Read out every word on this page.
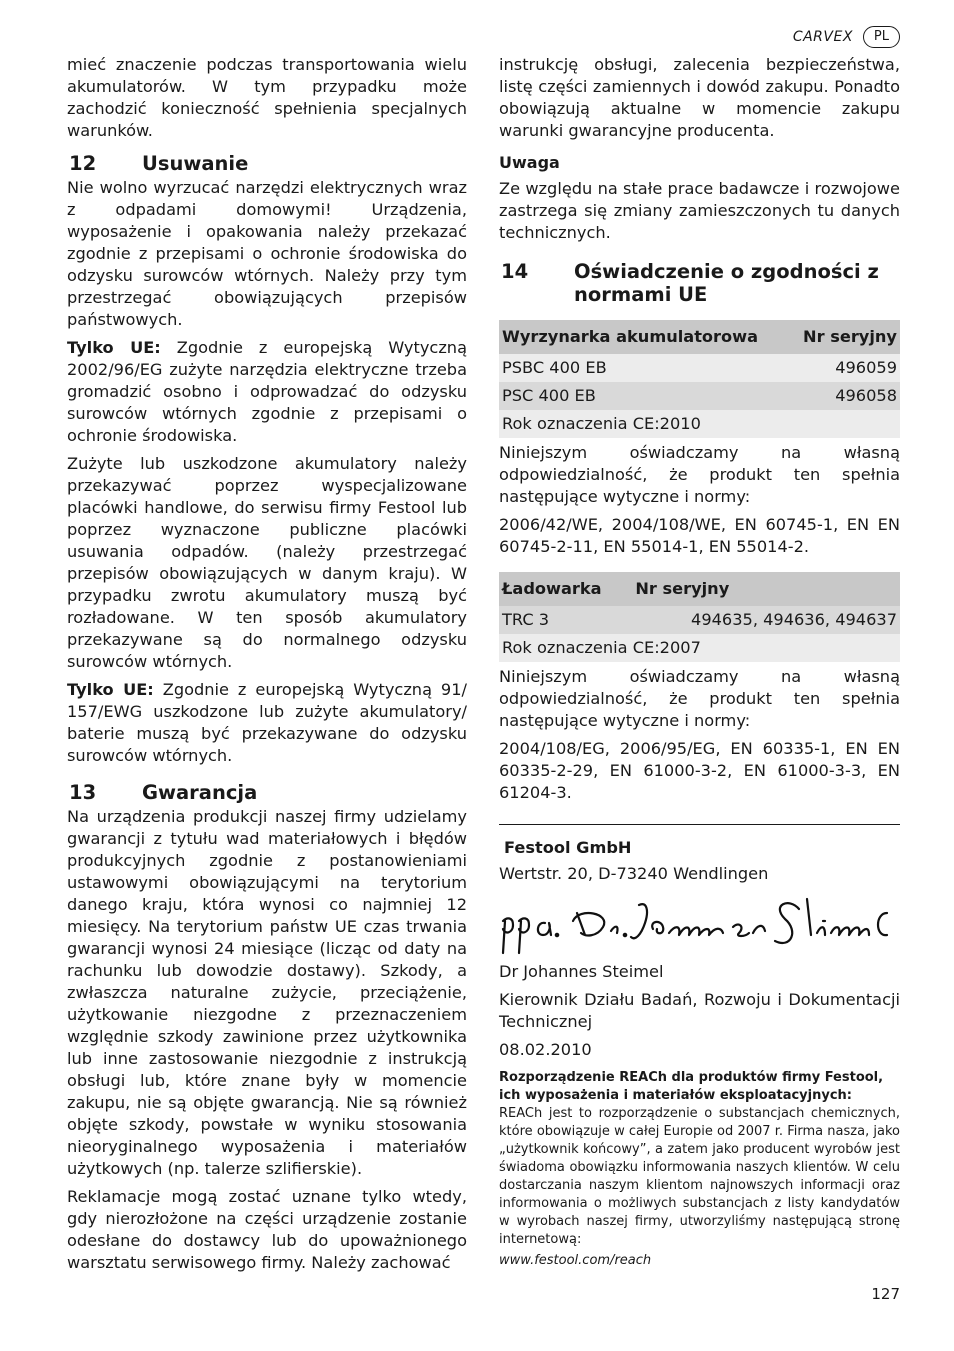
CARVEX	PL

mieć znaczenie podczas transportowania wielu akumulatorów. W tym przypadku może zachodzić konieczność spełnienia specjalnych warunków.

12	Usuwanie

Nie wolno wyrzucać narzędzi elektrycznych wraz z odpadami domowymi! Urządzenia, wyposażenie i opakowania należy przekazać zgodnie z przepisami o ochronie środowiska do odzysku surowców wtórnych. Należy przy tym przestrzegać obowiązujących przepisów państwowych.

Tylko UE: Zgodnie z europejską Wytyczną 2002/96/EG zużyte narzędzia elektryczne trzeba gromadzić osobno i odprowadzać do odzysku surowców wtórnych zgodnie z przepisami o ochronie środowiska.

Zużyte lub uszkodzone akumulatory należy przekazywać poprzez wyspecjalizowane placówki handlowe, do serwisu firmy Festool lub poprzez wyznaczone publiczne placówki usuwania odpadów. (należy przestrzegać przepisów obowiązujących w danym kraju). W przypadku zwrotu akumulatory muszą być rozładowane. W ten sposób akumulatory przekazywane są do normalnego odzysku surowców wtórnych.

Tylko UE: Zgodnie z europejską Wytyczną 91/ 157/EWG uszkodzone lub zużyte akumulatory/ baterie muszą być przekazywane do odzysku surowców wtórnych.

13	Gwarancja

Na urządzenia produkcji naszej firmy udzielamy gwarancji z tytułu wad materiałowych i błędów produkcyjnych zgodnie z postanowieniami ustawowymi obowiązującymi na terytorium danego kraju, która wynosi co najmniej 12 miesięcy. Na terytorium państw UE czas trwania gwarancji wynosi 24 miesiące (licząc od daty na rachunku lub dowodzie dostawy). Szkody, a zwłaszcza naturalne zużycie, przeciążenie, użytkowanie niezgodne z przeznaczeniem względnie szkody zawinione przez użytkownika lub inne zastosowanie niezgodnie z instrukcją obsługi lub, które znane były w momencie zakupu, nie są objęte gwarancją. Nie są również objęte szkody, powstałe w wyniku stosowania nieoryginalnego wyposażenia i materiałów użytkowych (np. talerze szlifierskie).

Reklamacje mogą zostać uznane tylko wtedy, gdy nierozłożone na części urządzenie zostanie odesłane do dostawcy lub do upoważnionego warsztatu serwisowego firmy. Należy zachować

instrukcję obsługi, zalecenia bezpieczeństwa, listę części zamiennych i dowód zakupu. Ponadto obowiązują aktualne w momencie zakupu warunki gwarancyjne producenta.

Uwaga

Ze względu na stałe prace badawcze i rozwojowe zastrzega się zmiany zamieszczonych tu danych technicznych.

14	Oświadczenie o zgodności z normami UE
Wyrzynarka akumulatorowa	Nr seryjny
PSBC 400 EB	496059
PSC 400 EB	496058
Rok oznaczenia CE:2010	

Niniejszym oświadczamy na własną odpowiedzialność, że produkt ten spełnia następujące wytyczne i normy:

2006/42/WE, 2004/108/WE, EN 60745-1, EN EN 60745-2-11, EN 55014-1, EN 55014-2.

Ładowarka	Nr seryjny
TRC 3	494635, 494636, 494637
Rok oznaczenia CE:2007	

Niniejszym oświadczamy na własną odpowiedzialność, że produkt ten spełnia następujące wytyczne i normy:

2004/108/EG, 2006/95/EG, EN 60335-1, EN EN 60335-2-29, EN 61000-3-2, EN 61000-3-3, EN 61204-3.

Festool GmbH

Wertstr. 20, D-73240 Wendlingen

Dr Johannes Steimel

Kierownik Działu Badań, Rozwoju i Dokumentacji Technicznej

08.02.2010

Rozporządzenie REACh dla produktów firmy Festool, ich wyposażenia i materiałów eksploatacyjnych:

REACh jest to rozporządzenie o substancjach chemicznych, które obowiązuje w całej Europie od 2007 r. Firma nasza, jako „użytkownik końcowy”, a zatem jako producent wyrobów jest świadoma obowiązku informowania naszych klientów. W celu dostarczania naszym klientom najnowszych informacji oraz informowania o możliwych substancjach z listy kandydatów w wyrobach naszej firmy, utworzyliśmy następującą stronę internetową:

www.festool.com/reach
127
